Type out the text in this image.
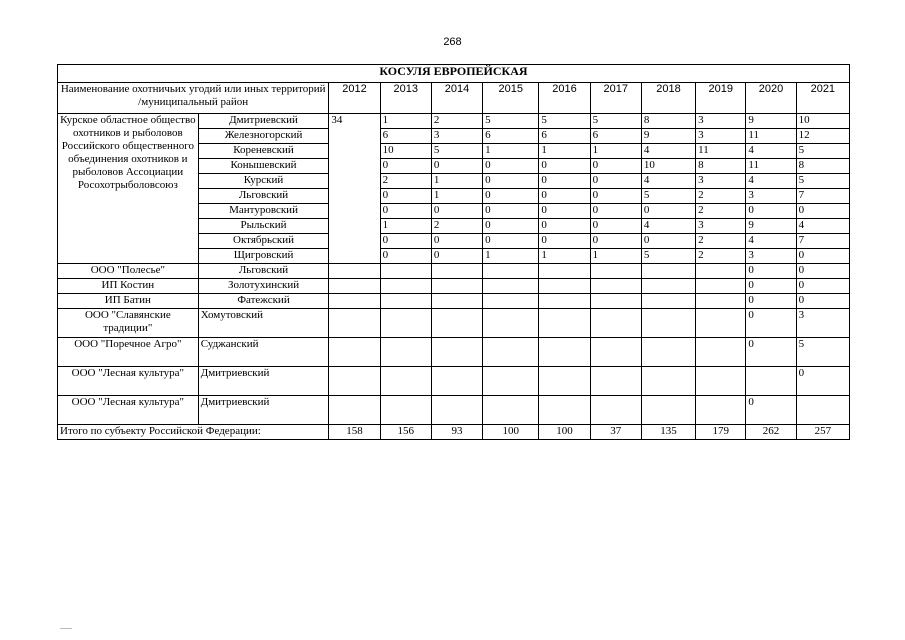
268
КОСУЛЯ ЕВРОПЕЙСКАЯ											
Наименование охотничьих угодий или иных территорий /муниципальный район		2012	2013	2014	2015	2016	2017	2018	2019	2020	2021
Курское областное общество охотников и рыболовов Российского общественного объединения охотников и рыболовов Ассоциации Росохотрыболовсоюз	Дмитриевский	34	1	2	5	5	5	8	3	9	10
	Железногорский		6	3	6	6	6	9	3	11	12
	Кореневский		10	5	1	1	1	4	11	4	5
	Конышевский		0	0	0	0	0	10	8	11	8
	Курский		2	1	0	0	0	4	3	4	5
	Льговский		0	1	0	0	0	5	2	3	7
	Мантуровский		0	0	0	0	0	0	2	0	0
	Рыльский		1	2	0	0	0	4	3	9	4
	Октябрьский		0	0	0	0	0	0	2	4	7
	Щигровский		0	0	1	1	1	5	2	3	0
ООО "Полесье"	Льговский									0	0
ИП Костин	Золотухинский									0	0
ИП Батин	Фатежский									0	0
ООО "Славянские традиции"	Хомутовский									0	3
ООО "Поречное Агро"	Суджанский									0	5
ООО "Лесная культура"	Дмитриевский										0
ООО "Лесная культура"	Дмитриевский									0	
Итого по субъекту Российской Федерации:		158	156	93	100	100	37	135	179	262	257
